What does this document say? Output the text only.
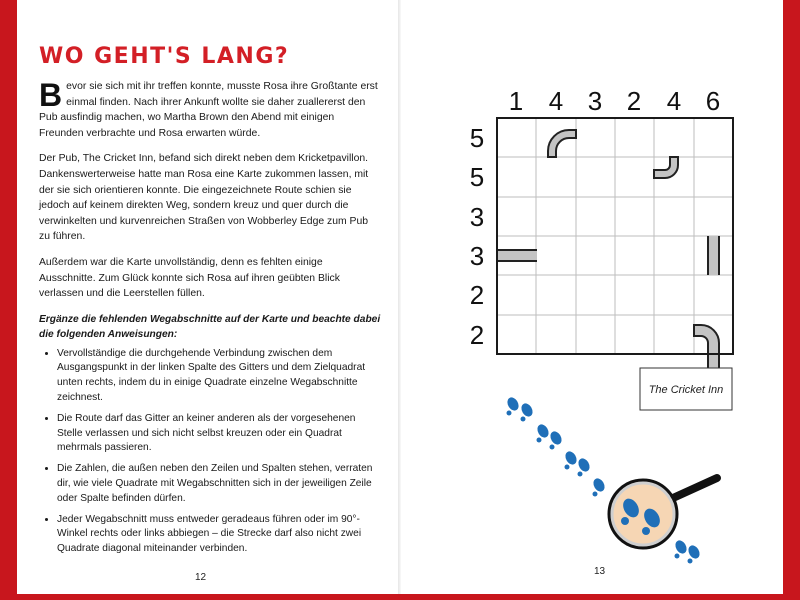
WO GEHT'S LANG?

Bevor sie sich mit ihr treffen konnte, musste Rosa ihre Großtante erst einmal finden. Nach ihrer Ankunft wollte sie daher zuallererst den Pub ausfindig machen, wo Martha Brown den Abend mit einigen Freunden verbrachte und Rosa erwarten würde.

Der Pub, The Cricket Inn, befand sich direkt neben dem Kricketpavillon. Dankenswerterweise hatte man Rosa eine Karte zukommen lassen, mit der sie sich orientieren konnte. Die eingezeichnete Route schien sie jedoch auf keinem direkten Weg, sondern kreuz und quer durch die verwinkelten und kurvenreichen Straßen von Wobberley Edge zum Pub zu führen.

Außerdem war die Karte unvollständig, denn es fehlten einige Ausschnitte. Zum Glück konnte sich Rosa auf ihren geübten Blick verlassen und die Leerstellen füllen.

Ergänze die fehlenden Wegabschnitte auf der Karte und beachte dabei die folgenden Anweisungen:

• Vervollständige die durchgehende Verbindung zwischen dem Ausgangspunkt in der linken Spalte des Gitters und dem Zielquadrat unten rechts, indem du in einige Quadrate einzelne Wegabschnitte zeichnest.
• Die Route darf das Gitter an keiner anderen als der vorgesehenen Stelle verlassen und sich nicht selbst kreuzen oder ein Quadrat mehrmals passieren.
• Die Zahlen, die außen neben den Zeilen und Spalten stehen, verraten dir, wie viele Quadrate mit Wegabschnitten sich in der jeweiligen Zeile oder Spalte befinden dürfen.
• Jeder Wegabschnitt muss entweder geradeaus führen oder im 90°-Winkel rechts oder links abbiegen – die Strecke darf also nicht zwei Quadrate diagonal miteinander verbinden.
12
1 4 3 2 4 6
5
5
3
3
2
2
The Cricket Inn
13
